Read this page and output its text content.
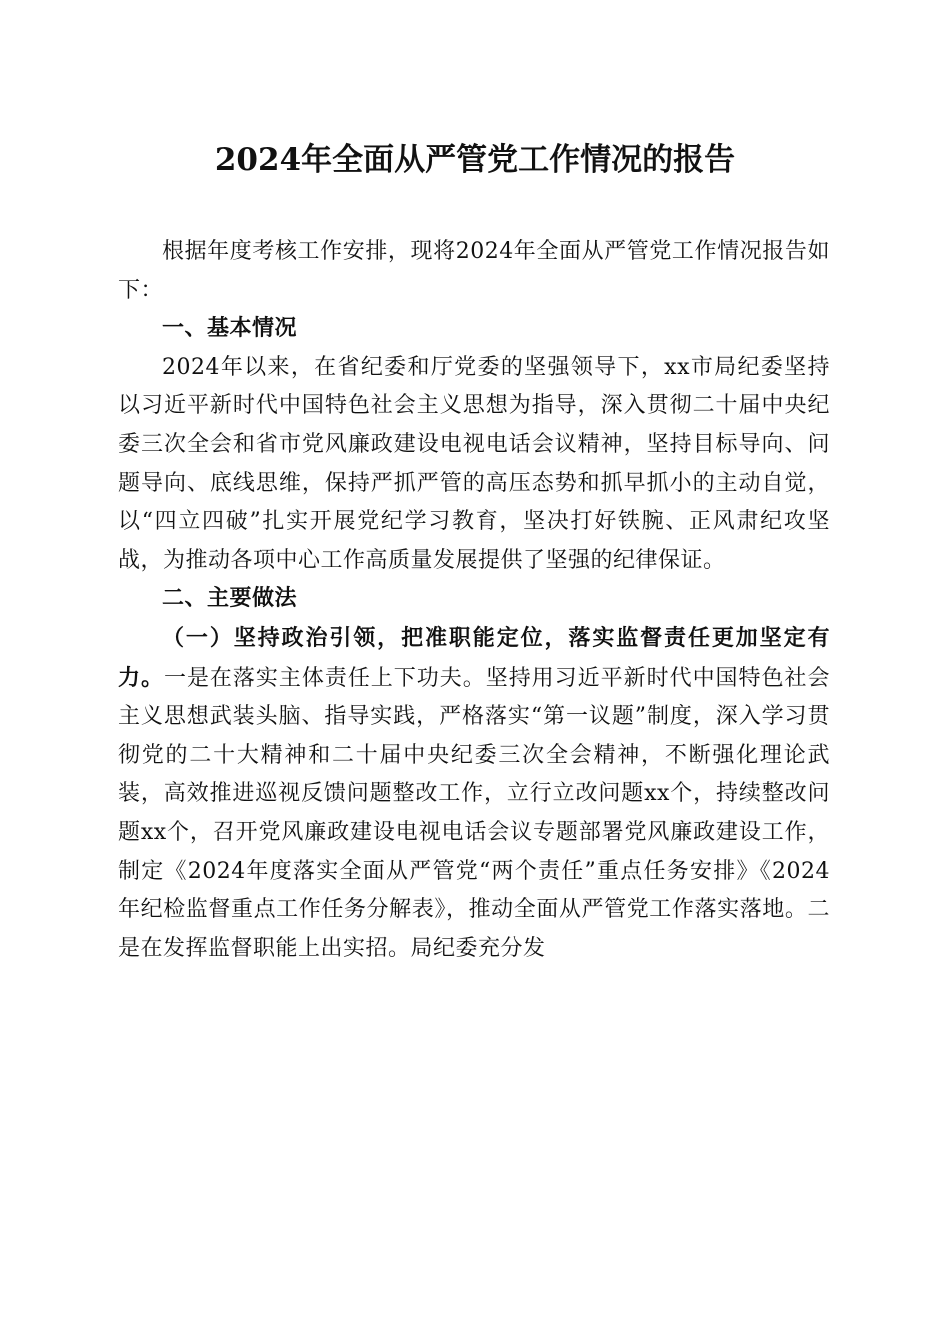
2024年全面从严管党工作情况的报告

根据年度考核工作安排，现将2024年全面从严管党工作情况报告如下：

一、基本情况

2024年以来，在省纪委和厅党委的坚强领导下，xx市局纪委坚持以习近平新时代中国特色社会主义思想为指导，深入贯彻二十届中央纪委三次全会和省市党风廉政建设电视电话会议精神，坚持目标导向、问题导向、底线思维，保持严抓严管的高压态势和抓早抓小的主动自觉，以“四立四破”扎实开展党纪学习教育，坚决打好铁腕、正风肃纪攻坚战，为推动各项中心工作高质量发展提供了坚强的纪律保证。

二、主要做法

（一）坚持政治引领，把准职能定位，落实监督责任更加坚定有力。一是在落实主体责任上下功夫。坚持用习近平新时代中国特色社会主义思想武装头脑、指导实践，严格落实“第一议题”制度，深入学习贯彻党的二十大精神和二十届中央纪委三次全会精神，不断强化理论武装，高效推进巡视反馈问题整改工作，立行立改问题xx个，持续整改问题xx个，召开党风廉政建设电视电话会议专题部署党风廉政建设工作，制定《2024年度落实全面从严管党“两个责任”重点任务安排》《2024年纪检监督重点工作任务分解表》，推动全面从严管党工作落实落地。二是在发挥监督职能上出实招。局纪委充分发
